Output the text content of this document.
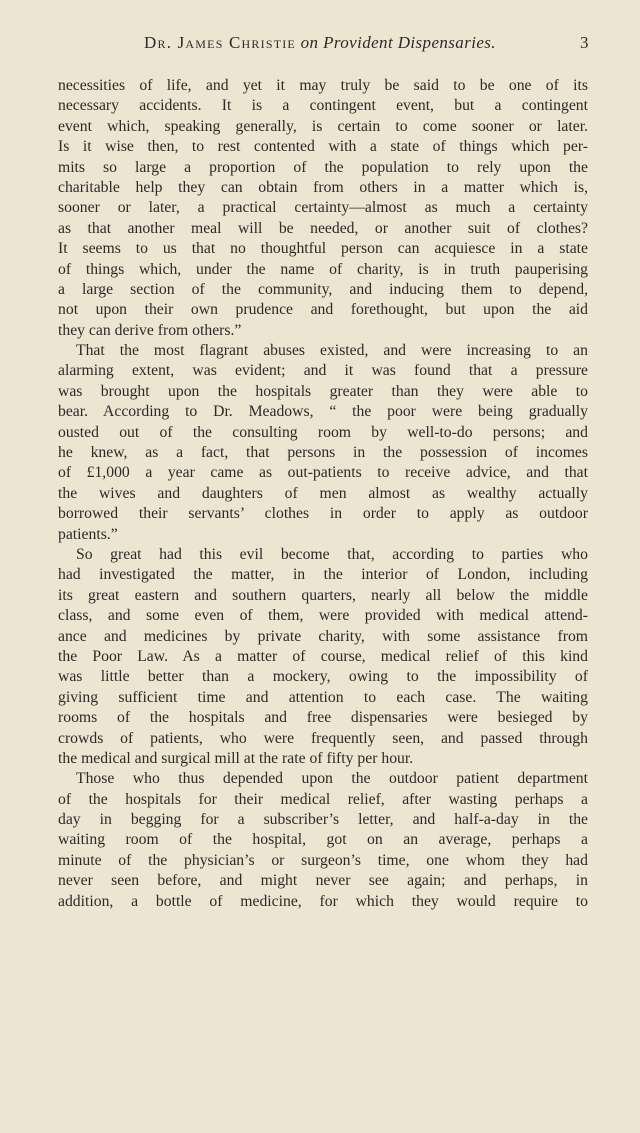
Dr. James Christie on Provident Dispensaries.	3
necessities of life, and yet it may truly be said to be one of its
necessary accidents. It is a contingent event, but a contingent
event which, speaking generally, is certain to come sooner or later.
Is it wise then, to rest contented with a state of things which per-
mits so large a proportion of the population to rely upon the
charitable help they can obtain from others in a matter which is,
sooner or later, a practical certainty—almost as much a certainty
as that another meal will be needed, or another suit of clothes?
It seems to us that no thoughtful person can acquiesce in a state
of things which, under the name of charity, is in truth pauperising
a large section of the community, and inducing them to depend,
not upon their own prudence and forethought, but upon the aid
they can derive from others.”
That the most flagrant abuses existed, and were increasing to an
alarming extent, was evident; and it was found that a pressure
was brought upon the hospitals greater than they were able to
bear. According to Dr. Meadows, “ the poor were being gradually
ousted out of the consulting room by well-to-do persons; and
he knew, as a fact, that persons in the possession of incomes
of £1,000 a year came as out-patients to receive advice, and that
the wives and daughters of men almost as wealthy actually
borrowed their servants’ clothes in order to apply as outdoor
patients.”
So great had this evil become that, according to parties who
had investigated the matter, in the interior of London, including
its great eastern and southern quarters, nearly all below the middle
class, and some even of them, were provided with medical attend-
ance and medicines by private charity, with some assistance from
the Poor Law. As a matter of course, medical relief of this kind
was little better than a mockery, owing to the impossibility of
giving sufficient time and attention to each case. The waiting
rooms of the hospitals and free dispensaries were besieged by
crowds of patients, who were frequently seen, and passed through
the medical and surgical mill at the rate of fifty per hour.
Those who thus depended upon the outdoor patient department
of the hospitals for their medical relief, after wasting perhaps a
day in begging for a subscriber’s letter, and half-a-day in the
waiting room of the hospital, got on an average, perhaps a
minute of the physician’s or surgeon’s time, one whom they had
never seen before, and might never see again; and perhaps, in
addition, a bottle of medicine, for which they would require to
